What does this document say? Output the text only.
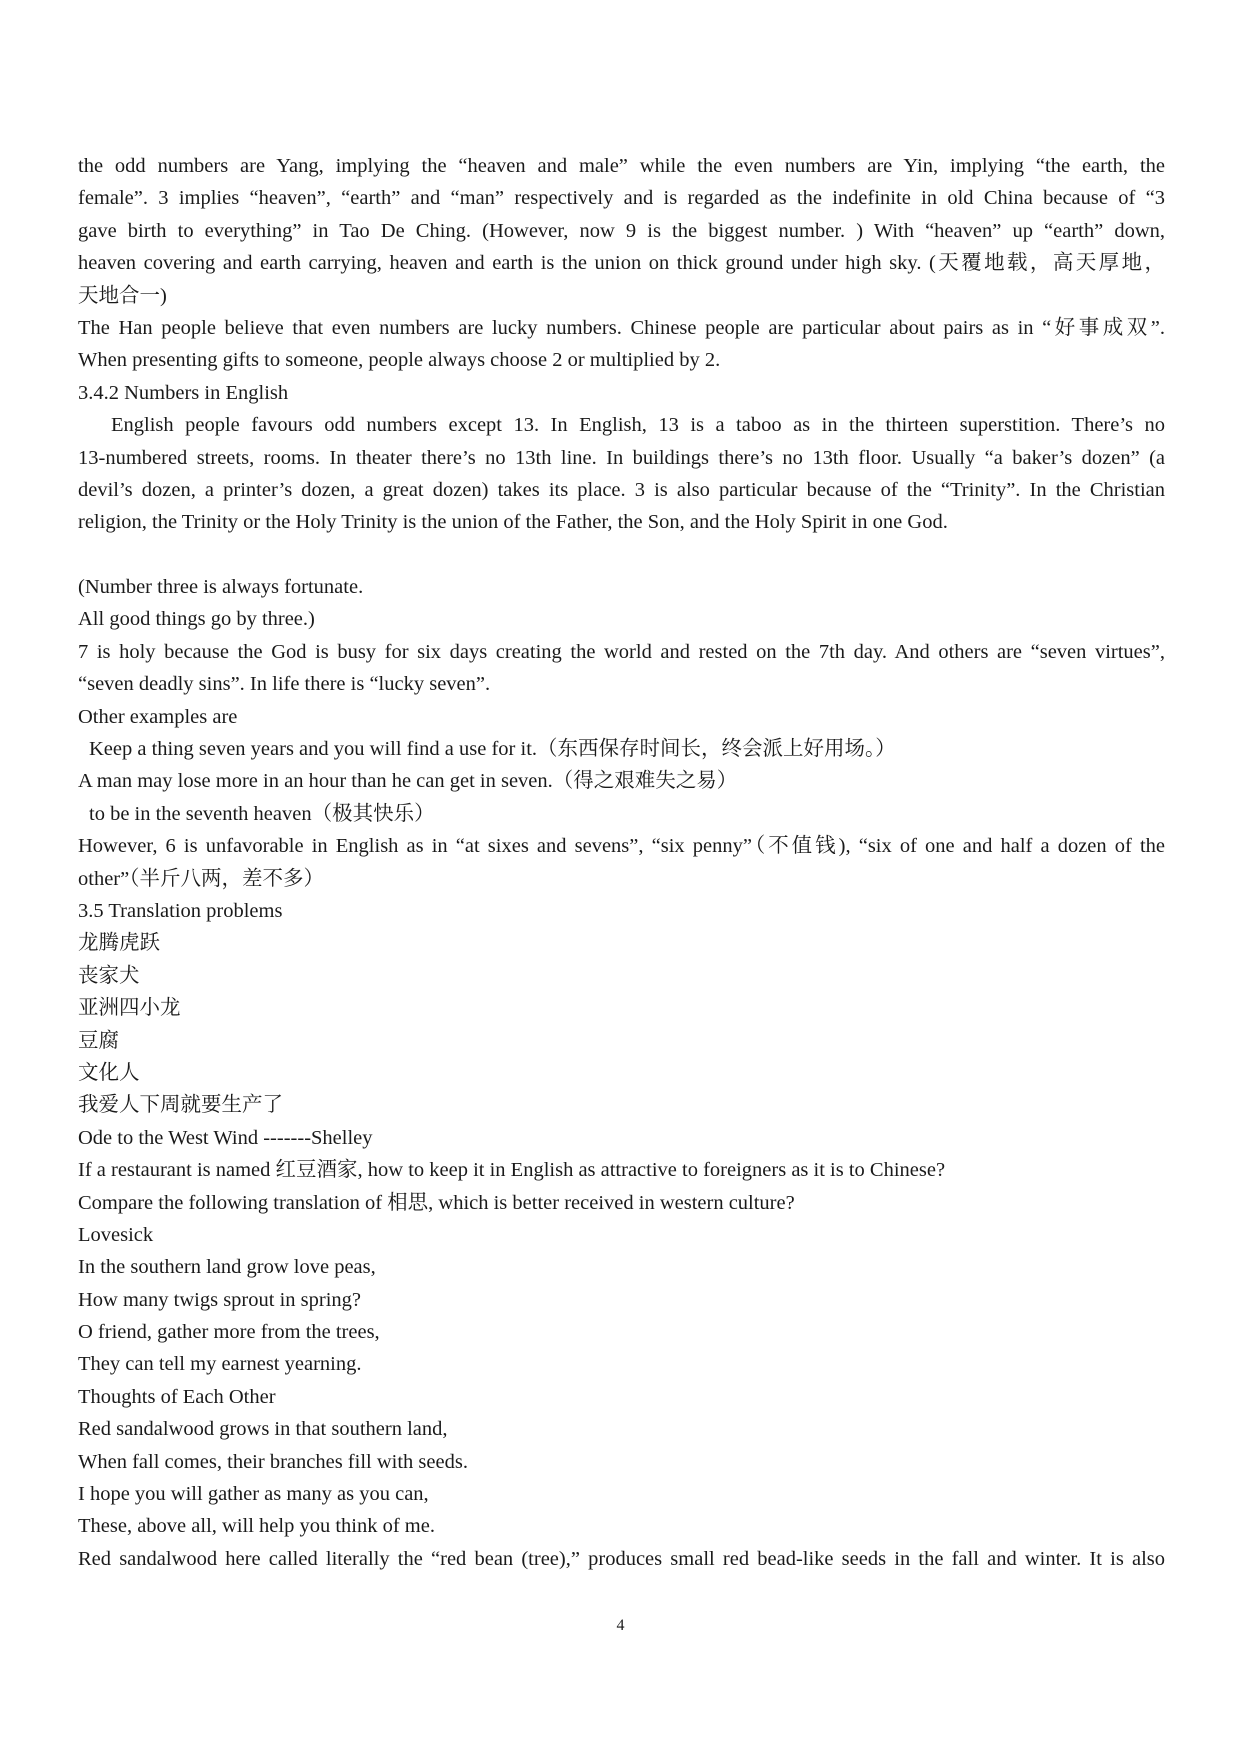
the odd numbers are Yang, implying the “heaven and male” while the even numbers are Yin, implying “the earth, the
female”. 3 implies “heaven”, “earth” and “man” respectively and is regarded as the indefinite in old China because of “3
gave birth to everything” in Tao De Ching. (However, now 9 is the biggest number. ) With “heaven” up “earth” down,
heaven covering and earth carrying, heaven and earth is the union on thick ground under high sky. (天覆地载，高天厚地，
天地合一)
The Han people believe that even numbers are lucky numbers. Chinese people are particular about pairs as in “好事成双”.
When presenting gifts to someone, people always choose 2 or multiplied by 2.
3.4.2 Numbers in English
English people favours odd numbers except 13. In English, 13 is a taboo as in the thirteen superstition. There’s no
13-numbered streets, rooms. In theater there’s no 13th line. In buildings there’s no 13th floor. Usually “a baker’s dozen” (a
devil’s dozen, a printer’s dozen, a great dozen) takes its place. 3 is also particular because of the “Trinity”. In the Christian
religion, the Trinity or the Holy Trinity is the union of the Father, the Son, and the Holy Spirit in one God.
(Number three is always fortunate.
All good things go by three.)
7 is holy because the God is busy for six days creating the world and rested on the 7th day. And others are “seven virtues”,
“seven deadly sins”. In life there is “lucky seven”.
Other examples are
Keep a thing seven years and you will find a use for it.（东西保存时间长，终会派上好用场。）
A man may lose more in an hour than he can get in seven.（得之艰难失之易）
to be in the seventh heaven（极其快乐）
However, 6 is unfavorable in English as in “at sixes and sevens”, “six penny”（不值钱), “six of one and half a dozen of the
other”（半斤八两，差不多）
3.5 Translation problems
龙腾虎跃
丧家犬
亚洲四小龙
豆腐
文化人
我爱人下周就要生产了
Ode to the West Wind -------Shelley
If a restaurant is named 红豆酒家, how to keep it in English as attractive to foreigners as it is to Chinese?
Compare the following translation of 相思, which is better received in western culture?
Lovesick
In the southern land grow love peas,
How many twigs sprout in spring?
O friend, gather more from the trees,
They can tell my earnest yearning.
Thoughts of Each Other
Red sandalwood grows in that southern land,
When fall comes, their branches fill with seeds.
I hope you will gather as many as you can,
These, above all, will help you think of me.
Red sandalwood here called literally the “red bean (tree),” produces small red bead-like seeds in the fall and winter. It is also
4
